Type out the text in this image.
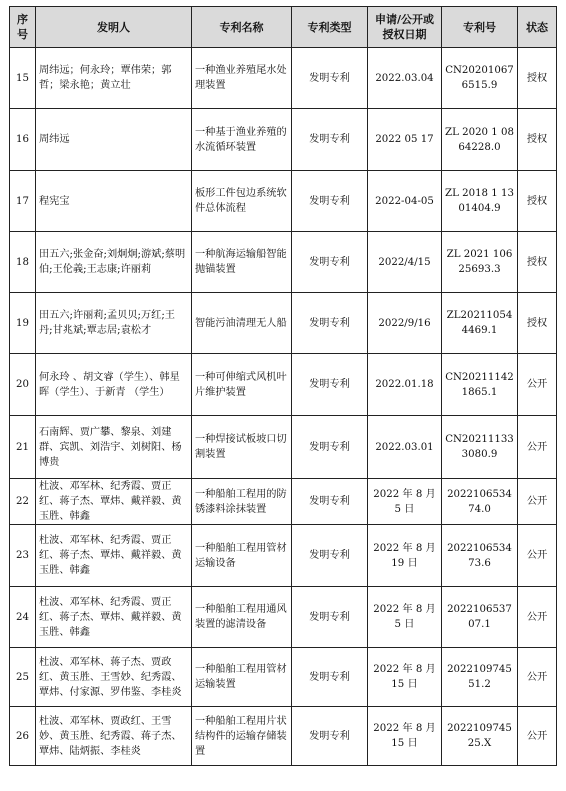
序号	发明人	专利名称	专利类型	申请/公开或授权日期	专利号	状态
15	周纬远；何永玲；覃伟荣；郭哲；梁永艳；黄立壮	一种渔业养殖尾水处理装置	发明专利	2022.03.04	CN202010676515.9	授权
16	周纬远	一种基于渔业养殖的水流循环装置	发明专利	2022 05 17	ZL 2020 1 0864228.0	授权
17	程宪宝	板形工件包边系统软件总体流程	发明专利	2022-04-05	ZL 2018 1 1301404.9	授权
18	田五六;张金奋;刘炯炯;游斌;蔡明伯;王伦義;王志康;许丽莉	一种航海运输船智能抛锚装置	发明专利	2022/4/15	ZL 2021 10625693.3	授权
19	田五六;许丽莉;孟贝贝;万红;王丹;甘兆斌;覃志居;袁松才	智能污油清理无人船	发明专利	2022/9/16	ZL202110544469.1	授权
20	何永玲 、胡文睿（学生）、韩星晖（学生）、于新青 （学生）	一种可伸缩式风机叶片维护装置	发明专利	2022.01.18	CN202111421865.1	公开
21	石南辉、贾广攀、黎泉、刘建群、宾凯、刘浩宇、刘树阳、杨博贵	一种焊接试板坡口切割装置	发明专利	2022.03.01	CN202111333080.9	公开
22	杜波、邓军林、纪秀霞、贾正红、蒋子杰、覃炜、戴祥毅、黄玉胜、韩鑫	一种船舶工程用的防锈漆料涂抹装置	发明专利	2022 年 8 月 5 日	202210653474.0	公开
23	杜波、邓军林、纪秀霞、贾正红、蒋子杰、覃炜、戴祥毅、黄玉胜、韩鑫	一种船舶工程用管材运输设备	发明专利	2022 年 8 月 19 日	202210653473.6	公开
24	杜波、邓军林、纪秀霞、贾正红、蒋子杰、覃炜、戴祥毅、黄玉胜、韩鑫	一种船舶工程用通风装置的滤清设备	发明专利	2022 年 8 月 5 日	202210653707.1	公开
25	杜波、邓军林、蒋子杰、贾政红、黄玉胜、王雪妙、纪秀霞、覃炜、付家源、罗伟鉴、李桂炎	一种船舶工程用管材运输装置	发明专利	2022 年 8 月 15 日	202210974551.2	公开
26	杜波、邓军林、贾政红、王雪妙、黄玉胜、纪秀霞、蒋子杰、覃炜、陆炳振、李桂炎	一种船舶工程用片状结构件的运输存储装置	发明专利	2022 年 8 月 15 日	202210974525.X	公开
